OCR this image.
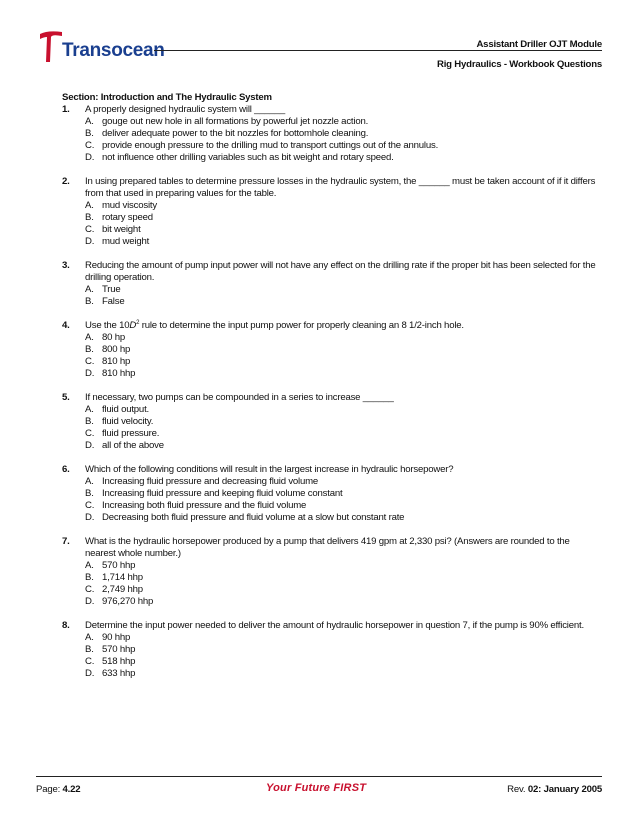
Transocean	Assistant Driller OJT Module
Rig Hydraulics - Workbook Questions
Section: Introduction and The Hydraulic System
1. A properly designed hydraulic system will ______
A. gouge out new hole in all formations by powerful jet nozzle action.
B. deliver adequate power to the bit nozzles for bottomhole cleaning.
C. provide enough pressure to the drilling mud to transport cuttings out of the annulus.
D. not influence other drilling variables such as bit weight and rotary speed.
2. In using prepared tables to determine pressure losses in the hydraulic system, the ______ must be taken account of if it differs from that used in preparing values for the table.
A. mud viscosity
B. rotary speed
C. bit weight
D. mud weight
3. Reducing the amount of pump input power will not have any effect on the drilling rate if the proper bit has been selected for the drilling operation.
A. True
B. False
4. Use the $10D^2$ rule to determine the input pump power for properly cleaning an 8 1/2-inch hole.
A. 80 hp
B. 800 hp
C. 810 hp
D. 810 hhp
5. If necessary, two pumps can be compounded in a series to increase ______
A. fluid output.
B. fluid velocity.
C. fluid pressure.
D. all of the above
6. Which of the following conditions will result in the largest increase in hydraulic horsepower?
A. Increasing fluid pressure and decreasing fluid volume
B. Increasing fluid pressure and keeping fluid volume constant
C. Increasing both fluid pressure and the fluid volume
D. Decreasing both fluid pressure and fluid volume at a slow but constant rate
7. What is the hydraulic horsepower produced by a pump that delivers 419 gpm at 2,330 psi? (Answers are rounded to the nearest whole number.)
A. 570 hhp
B. 1,714 hhp
C. 2,749 hhp
D. 976,270 hhp
8. Determine the input power needed to deliver the amount of hydraulic horsepower in question 7, if the pump is 90% efficient.
A. 90 hhp
B. 570 hhp
C. 518 hhp
D. 633 hhp
Page: 4.22	Your Future FIRST	Rev. 02: January 2005
